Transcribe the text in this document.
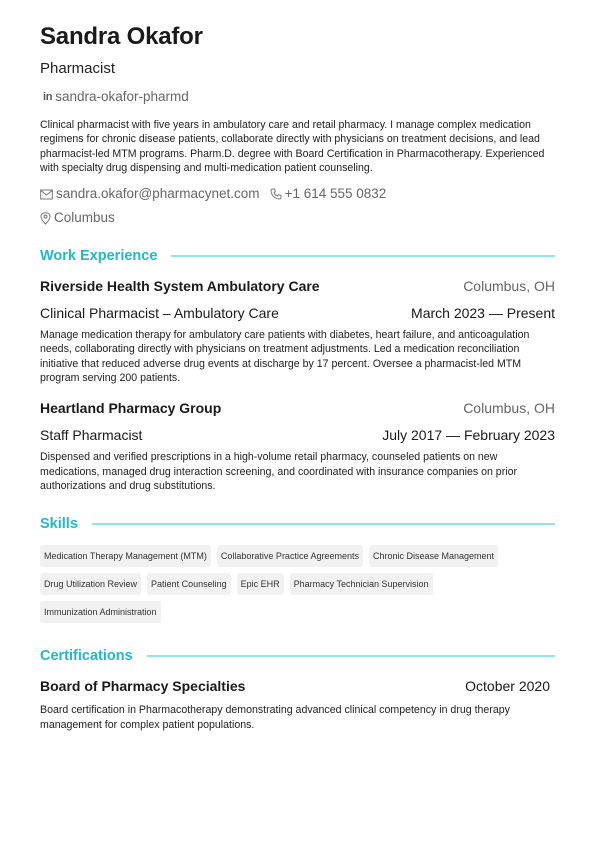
Sandra Okafor
Pharmacist
in sandra-okafor-pharmd
Clinical pharmacist with five years in ambulatory care and retail pharmacy. I manage complex medication regimens for chronic disease patients, collaborate directly with physicians on treatment decisions, and lead pharmacist-led MTM programs. Pharm.D. degree with Board Certification in Pharmacotherapy. Experienced with specialty drug dispensing and multi-medication patient counseling.
sandra.okafor@pharmacynet.com +1 614 555 0832
Columbus
Work Experience
Riverside Health System Ambulatory Care	Columbus, OH
Clinical Pharmacist – Ambulatory Care	March 2023 — Present
Manage medication therapy for ambulatory care patients with diabetes, heart failure, and anticoagulation needs, collaborating directly with physicians on treatment adjustments. Led a medication reconciliation initiative that reduced adverse drug events at discharge by 17 percent. Oversee a pharmacist-led MTM program serving 200 patients.
Heartland Pharmacy Group	Columbus, OH
Staff Pharmacist	July 2017 — February 2023
Dispensed and verified prescriptions in a high-volume retail pharmacy, counseled patients on new medications, managed drug interaction screening, and coordinated with insurance companies on prior authorizations and drug substitutions.
Skills
Medication Therapy Management (MTM)	Collaborative Practice Agreements	Chronic Disease Management
Drug Utilization Review	Patient Counseling	Epic EHR	Pharmacy Technician Supervision
Immunization Administration
Certifications
Board of Pharmacy Specialties	October 2020
Board certification in Pharmacotherapy demonstrating advanced clinical competency in drug therapy management for complex patient populations.
